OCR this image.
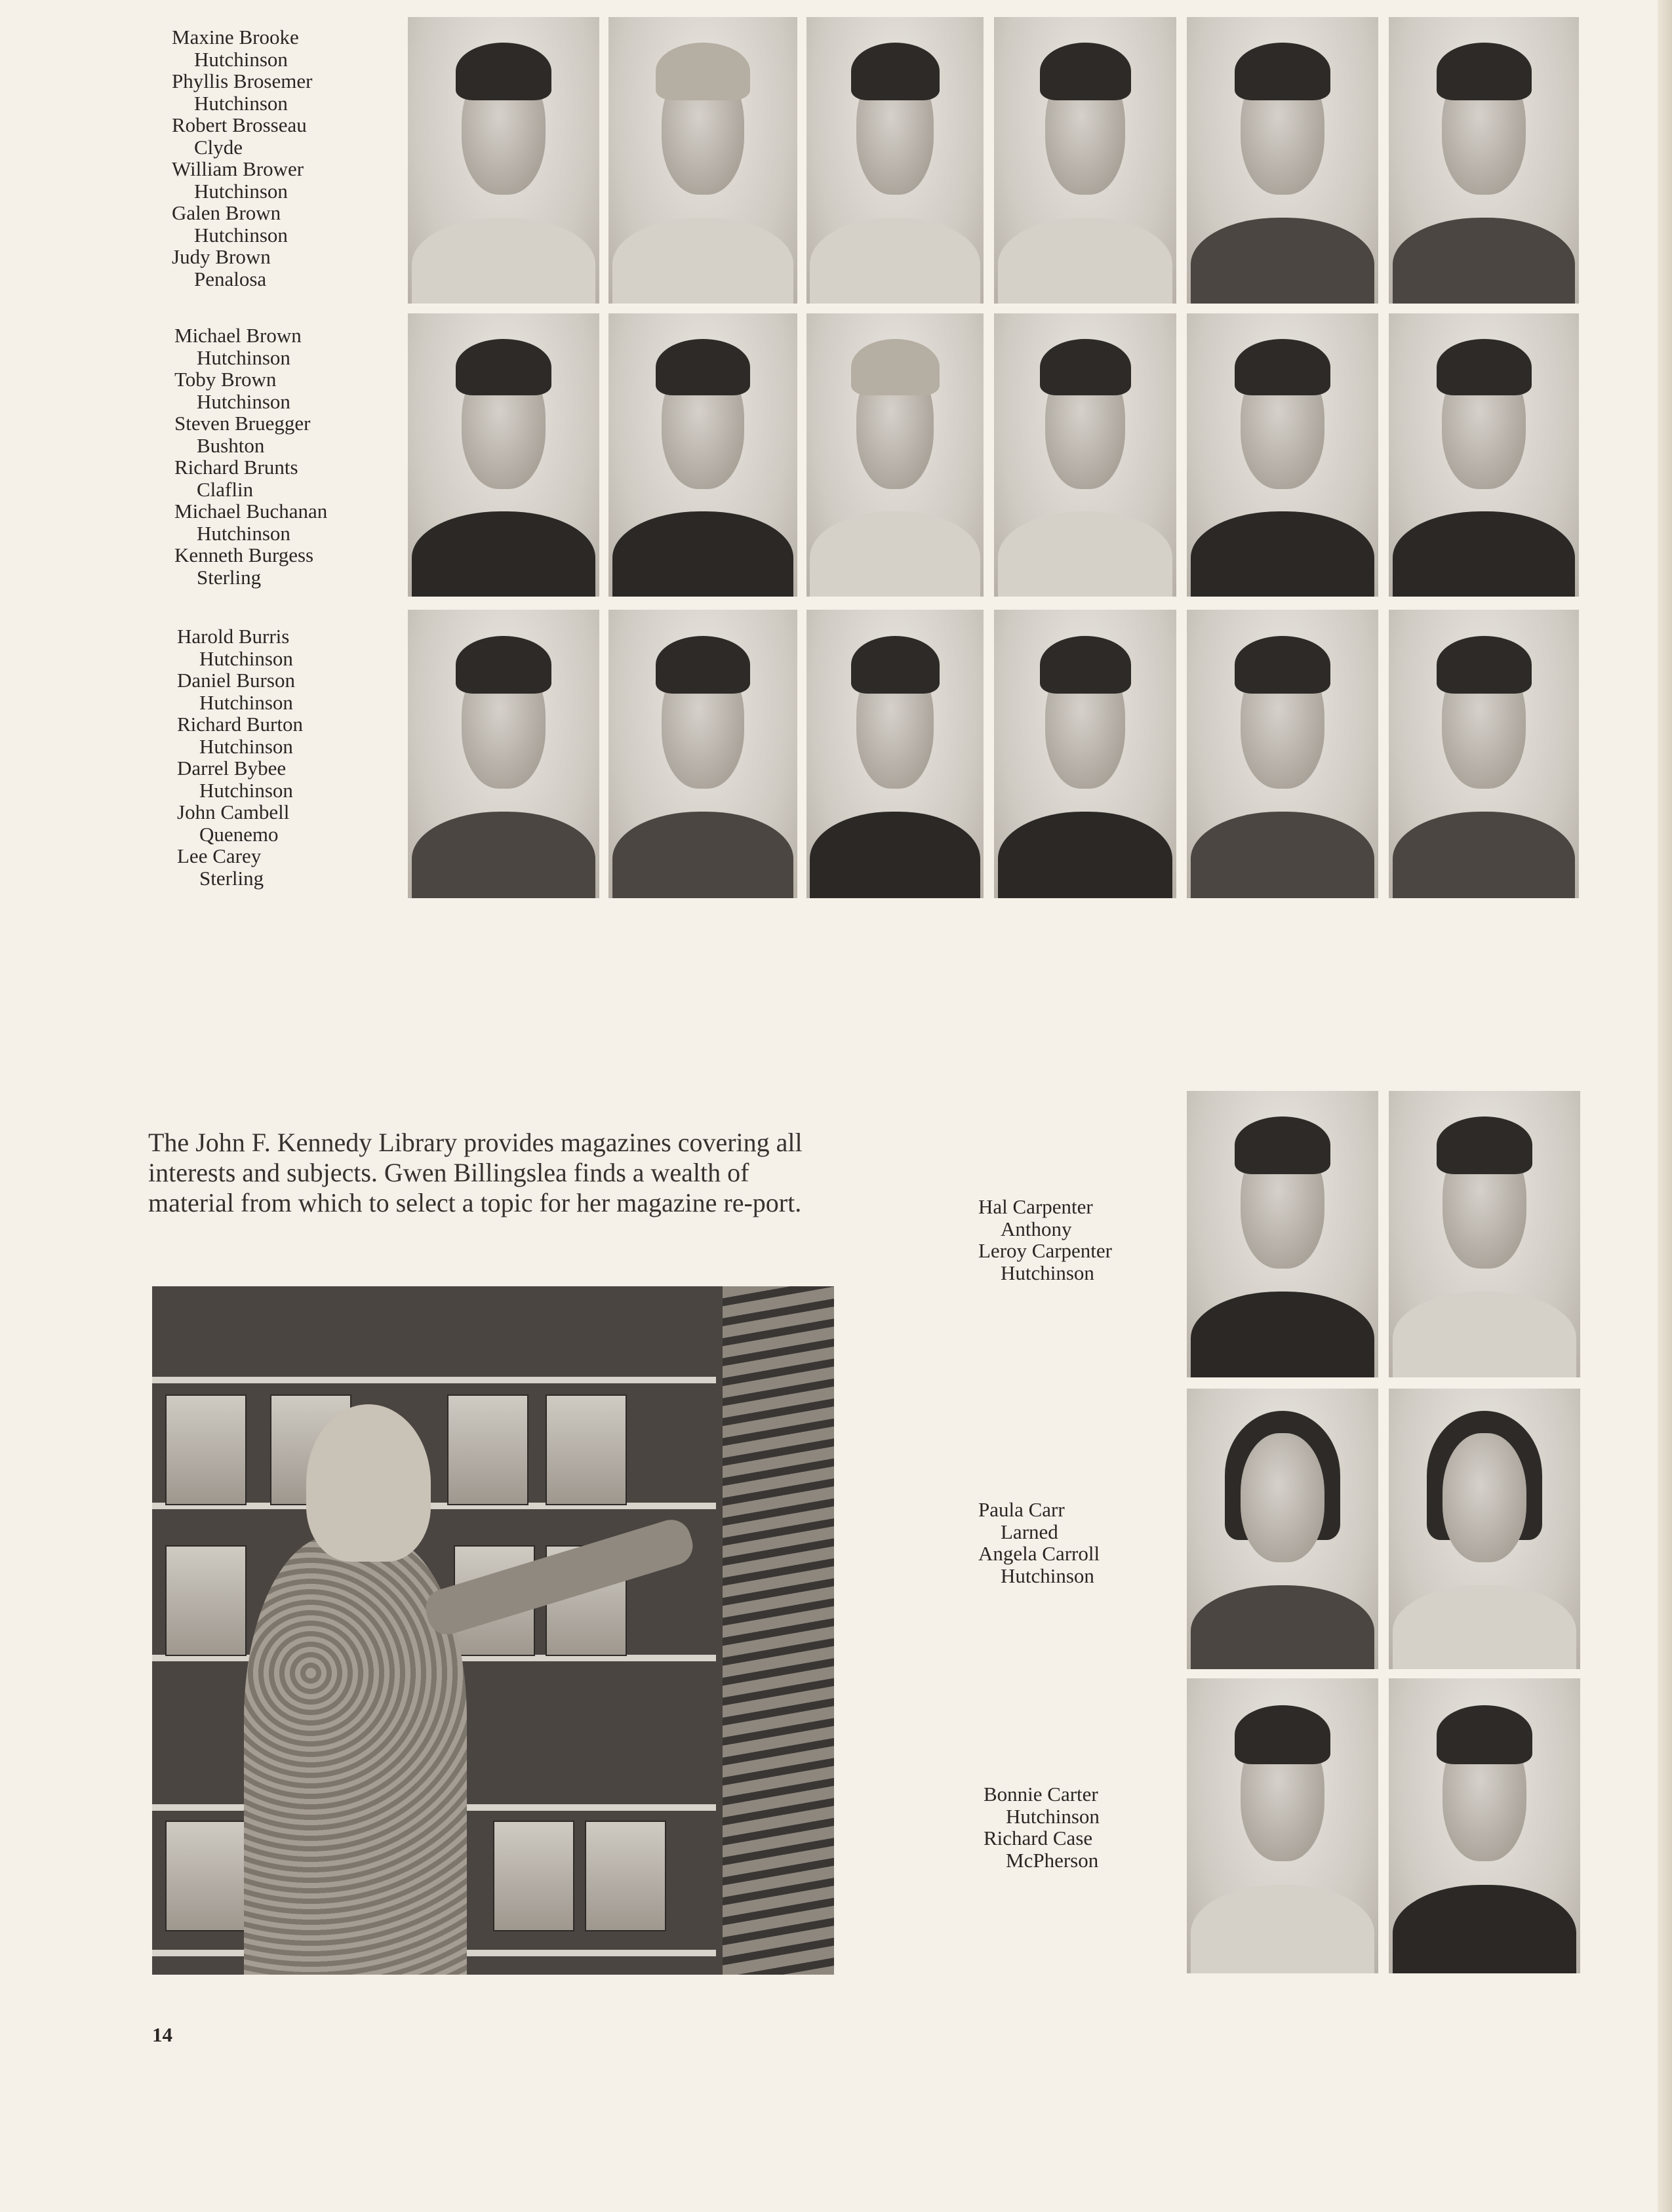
Maxine Brooke
Hutchinson
Phyllis Brosemer
Hutchinson
Robert Brosseau
Clyde
William Brower
Hutchinson
Galen Brown
Hutchinson
Judy Brown
Penalosa
Michael Brown
Hutchinson
Toby Brown
Hutchinson
Steven Bruegger
Bushton
Richard Brunts
Claflin
Michael Buchanan
Hutchinson
Kenneth Burgess
Sterling
Harold Burris
Hutchinson
Daniel Burson
Hutchinson
Richard Burton
Hutchinson
Darrel Bybee
Hutchinson
John Cambell
Quenemo
Lee Carey
Sterling
Hal Carpenter
Anthony
Leroy Carpenter
Hutchinson
Paula Carr
Larned
Angela Carroll
Hutchinson
Bonnie Carter
Hutchinson
Richard Case
McPherson
The John F. Kennedy Library provides magazines covering all interests and subjects. Gwen Billingslea finds a wealth of material from which to select a topic for her magazine re-port.
14
